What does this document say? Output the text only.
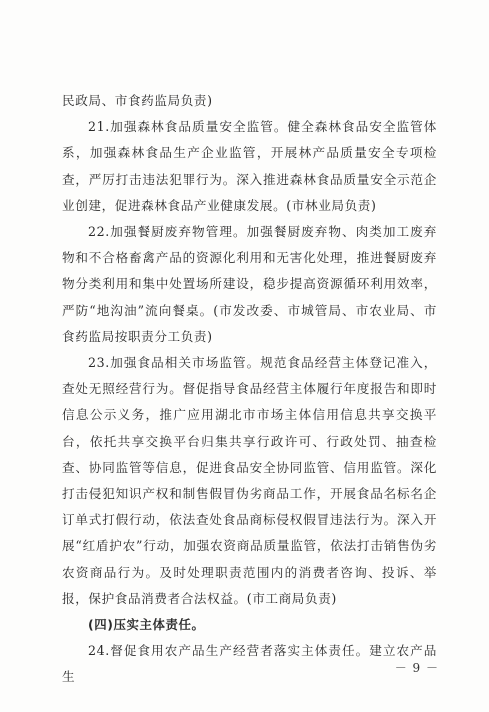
民政局、市食药监局负责)

21.加强森林食品质量安全监管。健全森林食品安全监管体系，加强森林食品生产企业监管，开展林产品质量安全专项检查，严厉打击违法犯罪行为。深入推进森林食品质量安全示范企业创建，促进森林食品产业健康发展。(市林业局负责)

22.加强餐厨废弃物管理。加强餐厨废弃物、肉类加工废弃物和不合格畜禽产品的资源化利用和无害化处理，推进餐厨废弃物分类利用和集中处置场所建设，稳步提高资源循环利用效率，严防“地沟油”流向餐桌。(市发改委、市城管局、市农业局、市食药监局按职责分工负责)

23.加强食品相关市场监管。规范食品经营主体登记准入，查处无照经营行为。督促指导食品经营主体履行年度报告和即时信息公示义务，推广应用湖北市市场主体信用信息共享交换平台，依托共享交换平台归集共享行政许可、行政处罚、抽查检查、协同监管等信息，促进食品安全协同监管、信用监管。深化打击侵犯知识产权和制售假冒伪劣商品工作，开展食品名标名企订单式打假行动，依法查处食品商标侵权假冒违法行为。深入开展“红盾护农”行动，加强农资商品质量监管，依法打击销售伪劣农资商品行为。及时处理职责范围内的消费者咨询、投诉、举报，保护食品消费者合法权益。(市工商局负责)

(四)压实主体责任。

24.督促食用农产品生产经营者落实主体责任。建立农产品生

－ 9 －
